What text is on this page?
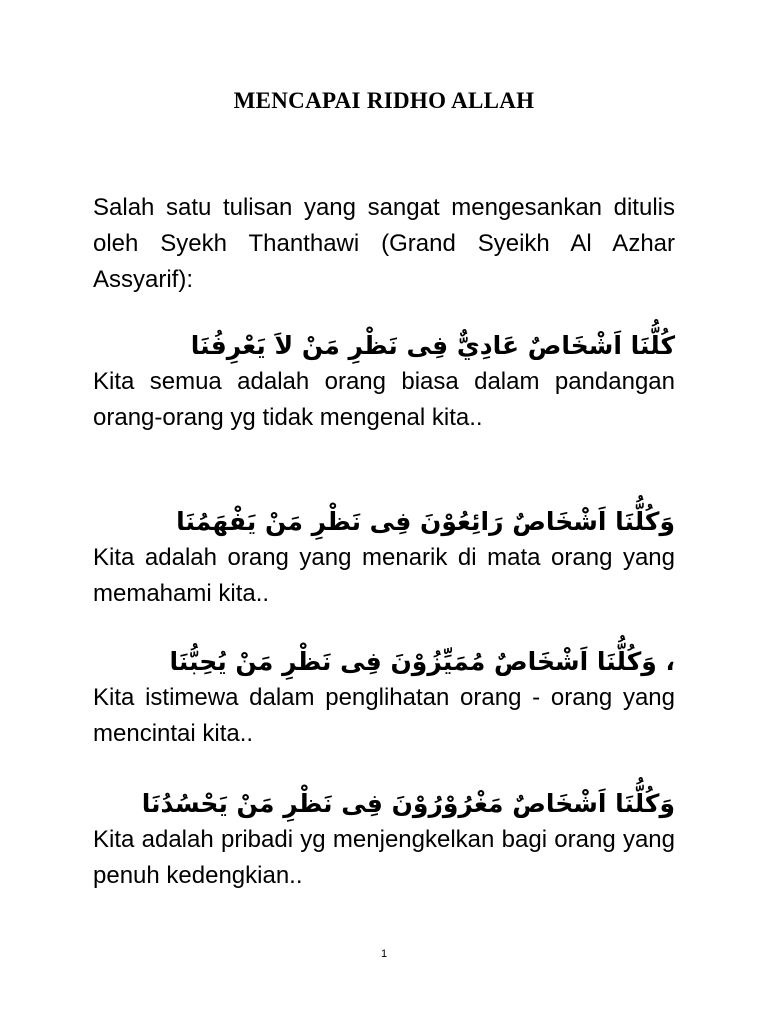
MENCAPAI RIDHO ALLAH

Salah satu tulisan yang sangat mengesankan ditulis oleh Syekh Thanthawi (Grand Syeikh Al Azhar Assyarif):

كُلُّنَا اَشْخَاصٌ عَادِيٌّ فِى نَظْرِ مَنْ لاَ يَعْرِفُنَا

Kita semua adalah orang biasa dalam pandangan orang-orang yg tidak mengenal kita..

وَكُلُّنَا اَشْخَاصٌ رَائِعُوْنَ فِى نَظْرِ مَنْ يَفْهَمُنَا

Kita adalah orang yang menarik di mata orang yang memahami kita..

، وَكُلُّنَا اَشْخَاصٌ مُمَيِّزُوْنَ فِى نَظْرِ مَنْ يُحِبُّنَا

Kita istimewa dalam penglihatan orang - orang yang mencintai kita..

وَكُلُّنَا اَشْخَاصٌ مَغْرُوْرُوْنَ فِى نَظْرِ مَنْ يَحْسُدُنَا

Kita adalah pribadi yg menjengkelkan bagi orang yang penuh kedengkian..

1
